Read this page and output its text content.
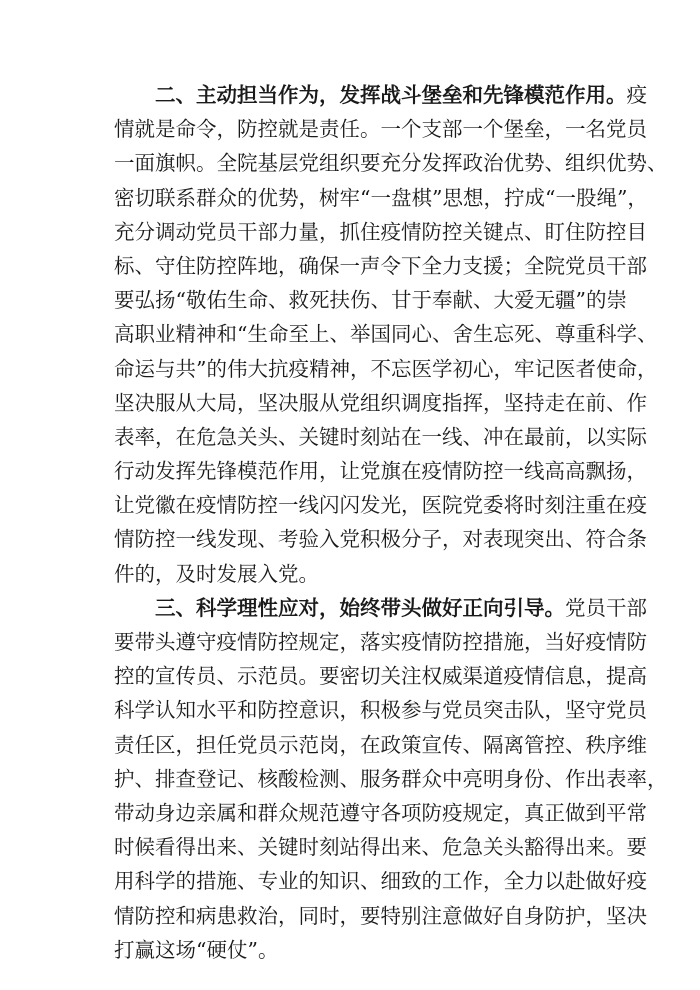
二、主动担当作为，发挥战斗堡垒和先锋模范作用。疫
情就是命令，防控就是责任。一个支部一个堡垒，一名党员
一面旗帜。全院基层党组织要充分发挥政治优势、组织优势、
密切联系群众的优势，树牢“一盘棋”思想，拧成“一股绳”，
充分调动党员干部力量，抓住疫情防控关键点、盯住防控目
标、守住防控阵地，确保一声令下全力支援；全院党员干部
要弘扬“敬佑生命、救死扶伤、甘于奉献、大爱无疆”的崇
高职业精神和“生命至上、举国同心、舍生忘死、尊重科学、
命运与共”的伟大抗疫精神，不忘医学初心，牢记医者使命，
坚决服从大局，坚决服从党组织调度指挥，坚持走在前、作
表率，在危急关头、关键时刻站在一线、冲在最前，以实际
行动发挥先锋模范作用，让党旗在疫情防控一线高高飘扬，
让党徽在疫情防控一线闪闪发光，医院党委将时刻注重在疫
情防控一线发现、考验入党积极分子，对表现突出、符合条
件的，及时发展入党。
三、科学理性应对，始终带头做好正向引导。党员干部
要带头遵守疫情防控规定，落实疫情防控措施，当好疫情防
控的宣传员、示范员。要密切关注权威渠道疫情信息，提高
科学认知水平和防控意识，积极参与党员突击队，坚守党员
责任区，担任党员示范岗，在政策宣传、隔离管控、秩序维
护、排查登记、核酸检测、服务群众中亮明身份、作出表率，
带动身边亲属和群众规范遵守各项防疫规定，真正做到平常
时候看得出来、关键时刻站得出来、危急关头豁得出来。要
用科学的措施、专业的知识、细致的工作，全力以赴做好疫
情防控和病患救治，同时，要特别注意做好自身防护，坚决
打赢这场“硬仗”。
